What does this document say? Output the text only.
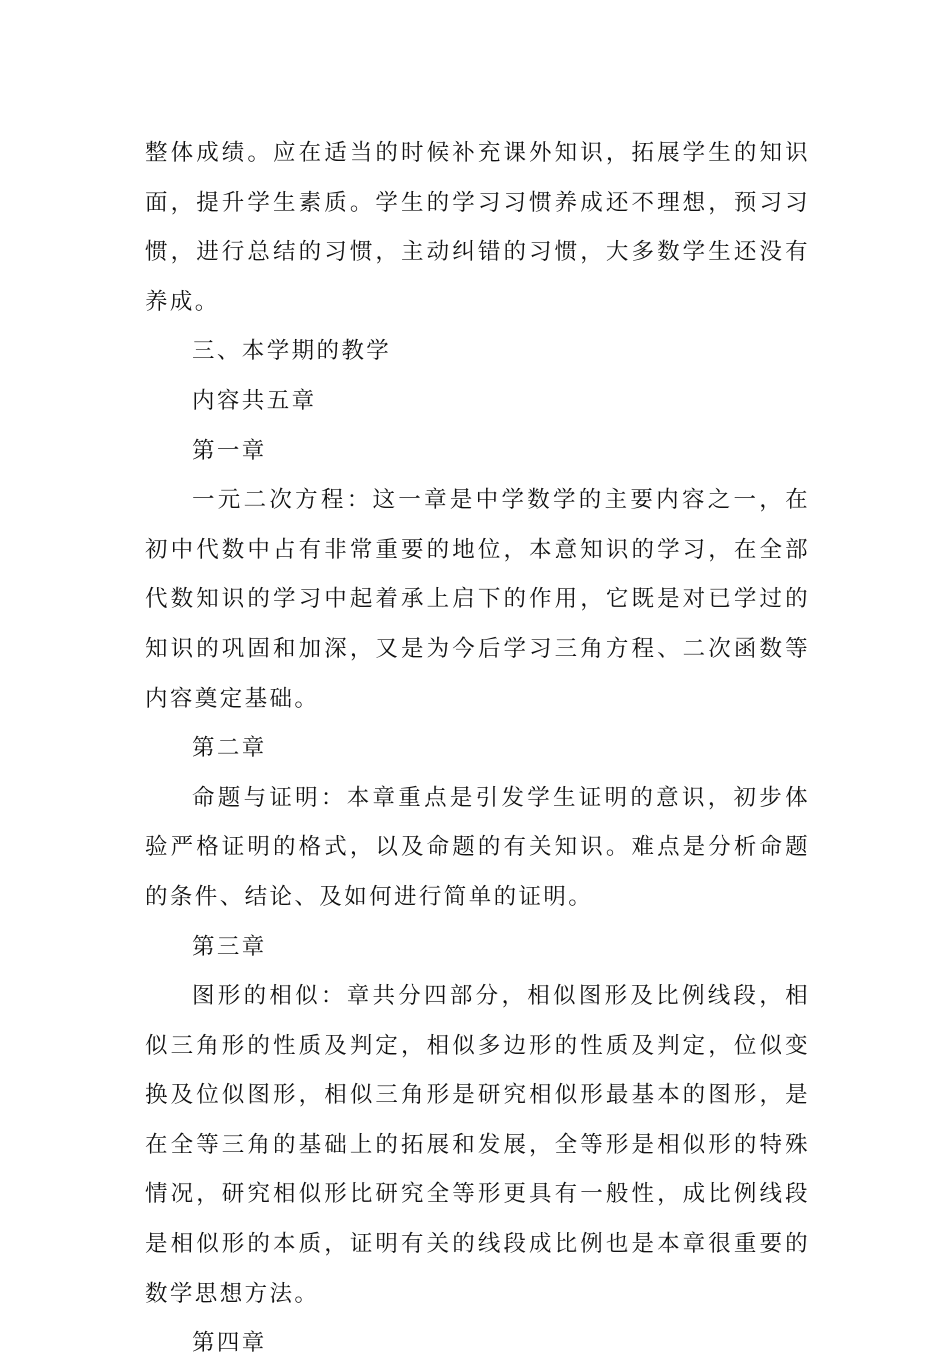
整体成绩。应在适当的时候补充课外知识，拓展学生的知识面，提升学生素质。学生的学习习惯养成还不理想，预习习惯，进行总结的习惯，主动纠错的习惯，大多数学生还没有养成。

三、本学期的教学

内容共五章

第一章

一元二次方程：这一章是中学数学的主要内容之一，在初中代数中占有非常重要的地位，本意知识的学习，在全部代数知识的学习中起着承上启下的作用，它既是对已学过的知识的巩固和加深，又是为今后学习三角方程、二次函数等内容奠定基础。

第二章

命题与证明：本章重点是引发学生证明的意识，初步体验严格证明的格式，以及命题的有关知识。难点是分析命题的条件、结论、及如何进行简单的证明。

第三章

图形的相似：章共分四部分，相似图形及比例线段，相似三角形的性质及判定，相似多边形的性质及判定，位似变换及位似图形，相似三角形是研究相似形最基本的图形，是在全等三角的基础上的拓展和发展，全等形是相似形的特殊情况，研究相似形比研究全等形更具有一般性，成比例线段是相似形的本质，证明有关的线段成比例也是本章很重要的数学思想方法。

第四章
